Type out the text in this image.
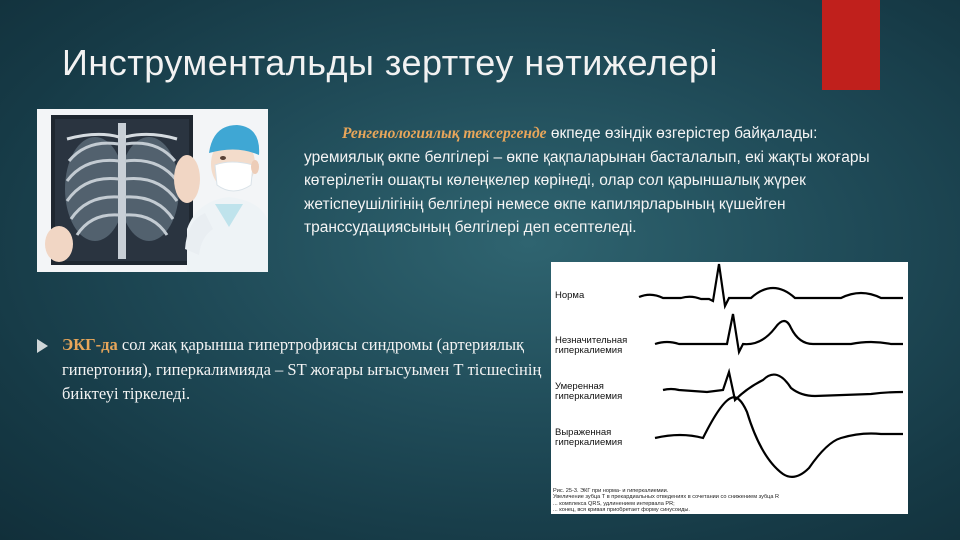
Инструментальды зерттеу нәтижелері

Ренгенологиялық тексергенде өкпеде өзіндік өзгерістер байқалады: уремиялық өкпе белгілері – өкпе қақпаларынан басталалып, екі жақты жоғары көтерілетін ошақты көлеңкелер көрінеді, олар сол қарыншалық жүрек жетіспеушілігінің белгілері немесе өкпе капилярларының күшейген транссудациясының белгілері деп есептеледі.

ЭКГ-да сол жақ қарынша гипертрофиясы синдромы (артериялық гипертония), гиперкалимияда – ST жоғары ығысуымен Т тісшесінің биіктеуі тіркеледі.

Норма

Незначительная гиперкалиемия

Умеренная гиперкалиемия

Выраженная гиперкалиемия

Рис. 25-3. ЭКГ при норма- и гиперкалиемии.
Увеличение зубца Т в прекардиальных отведениях в сочетании со снижением зубца R
... комплекса QRS, удлинением интервала PR;
... конец, вся кривая приобретает форму синусоиды.
